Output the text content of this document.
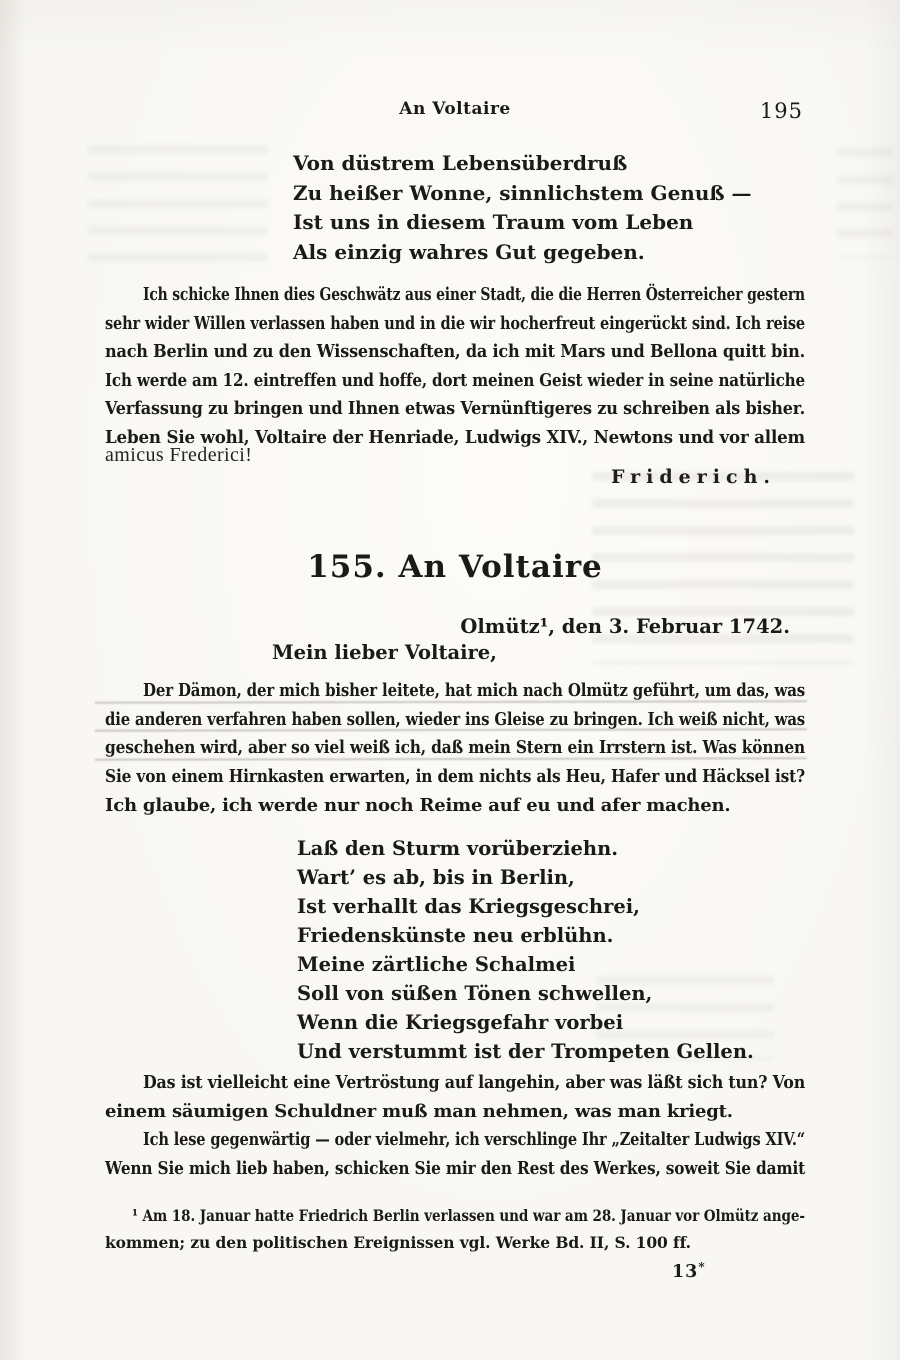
An Voltaire	195
Von düstrem Lebensüberdruß
Zu heißer Wonne, sinnlichstem Genuß —
Ist uns in diesem Traum vom Leben
Als einzig wahres Gut gegeben.
Ich schicke Ihnen dies Geschwätz aus einer Stadt, die die Herren Österreicher gestern
sehr wider Willen verlassen haben und in die wir hocherfreut eingerückt sind. Ich reise
nach Berlin und zu den Wissenschaften, da ich mit Mars und Bellona quitt bin.
Ich werde am 12. eintreffen und hoffe, dort meinen Geist wieder in seine natürliche
Verfassung zu bringen und Ihnen etwas Vernünftigeres zu schreiben als bisher.
Leben Sie wohl, Voltaire der Henriade, Ludwigs XIV., Newtons und vor allem
amicus Frederici!
Friderich.
155. An Voltaire
Olmütz¹, den 3. Februar 1742.
Mein lieber Voltaire,
Der Dämon, der mich bisher leitete, hat mich nach Olmütz geführt, um das, was
die anderen verfahren haben sollen, wieder ins Gleise zu bringen. Ich weiß nicht, was
geschehen wird, aber so viel weiß ich, daß mein Stern ein Irrstern ist. Was können
Sie von einem Hirnkasten erwarten, in dem nichts als Heu, Hafer und Häcksel ist?
Ich glaube, ich werde nur noch Reime auf eu und afer machen.
Laß den Sturm vorüberziehn.
Wart’ es ab, bis in Berlin,
Ist verhallt das Kriegsgeschrei,
Friedenskünste neu erblühn.
Meine zärtliche Schalmei
Soll von süßen Tönen schwellen,
Wenn die Kriegsgefahr vorbei
Und verstummt ist der Trompeten Gellen.
Das ist vielleicht eine Vertröstung auf langehin, aber was läßt sich tun? Von
einem säumigen Schuldner muß man nehmen, was man kriegt.
Ich lese gegenwärtig — oder vielmehr, ich verschlinge Ihr „Zeitalter Ludwigs XIV.“
Wenn Sie mich lieb haben, schicken Sie mir den Rest des Werkes, soweit Sie damit
¹ Am 18. Januar hatte Friedrich Berlin verlassen und war am 28. Januar vor Olmütz ange-
kommen; zu den politischen Ereignissen vgl. Werke Bd. II, S. 100 ff.
13*
